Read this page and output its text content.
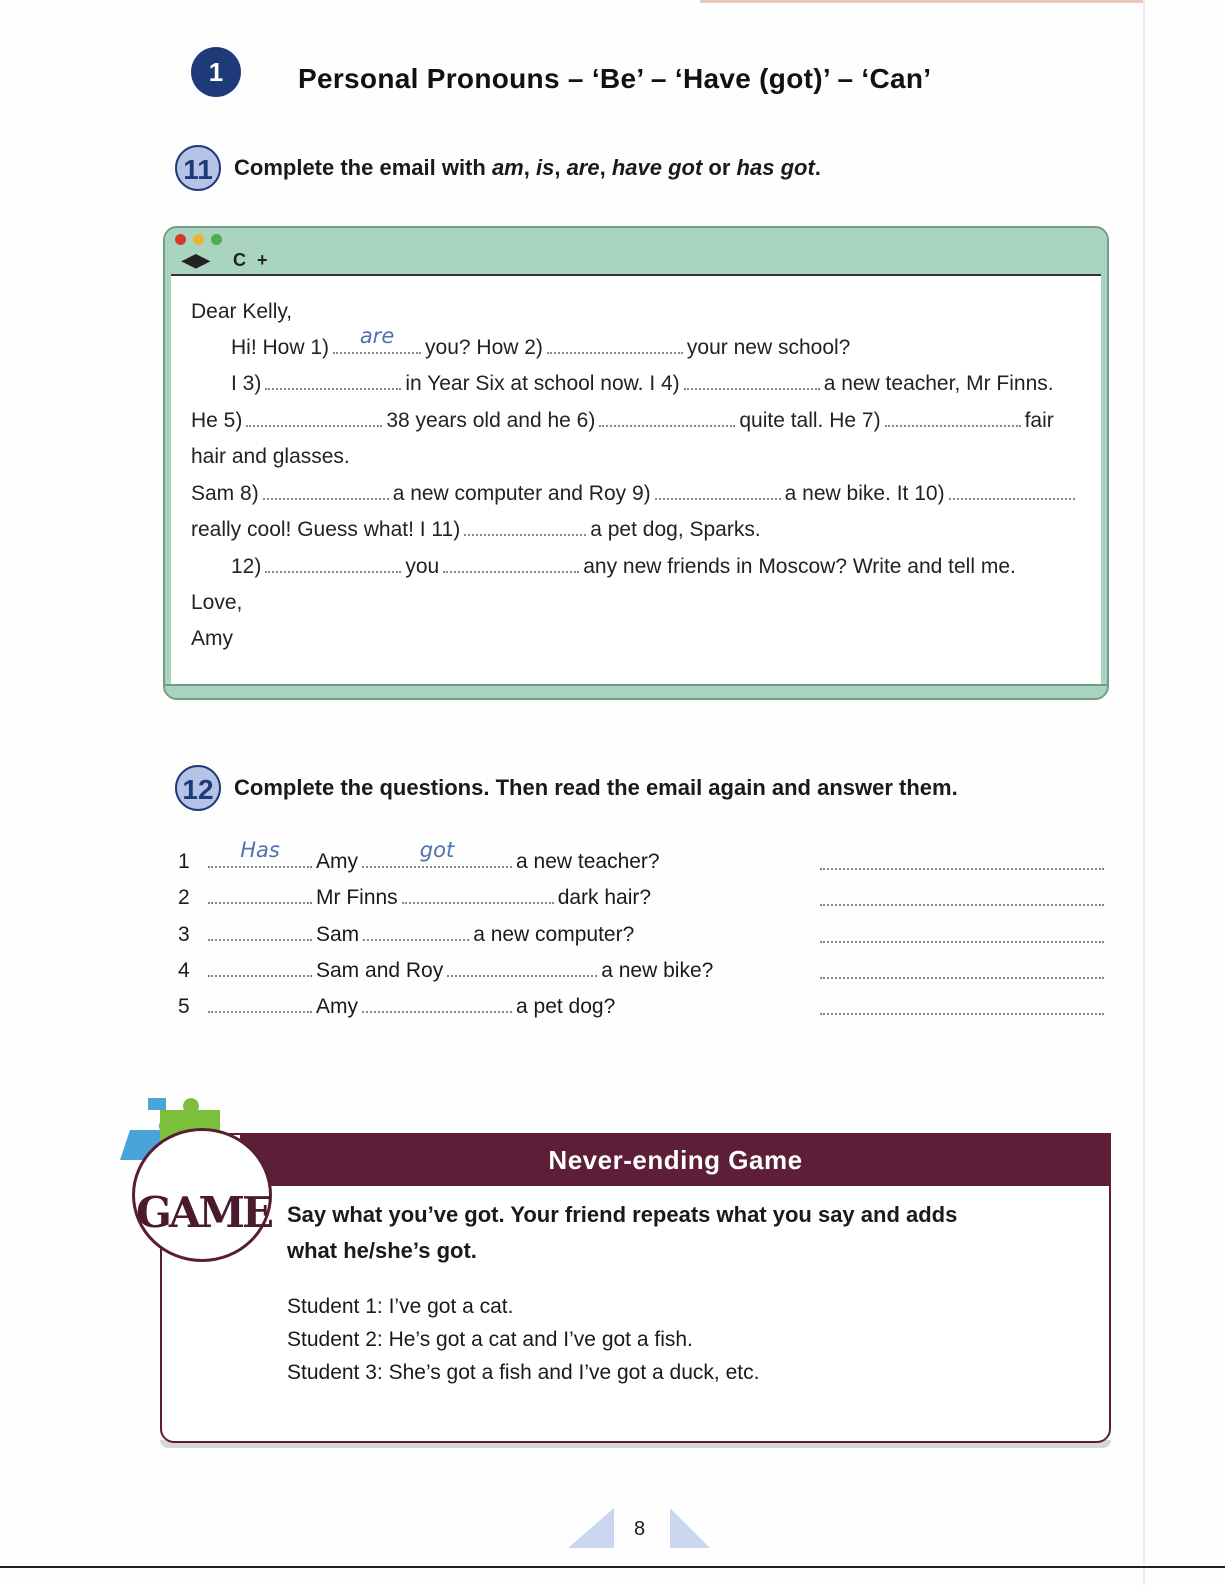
1	Personal Pronouns – ‘Be’ – ‘Have (got)’ – ‘Can’
11 Complete the email with am, is, are, have got or has got.
◀▶ C +
Dear Kelly,
Hi! How 1)	are	you? How 2)	your new school?
I 3)	in Year Six at school now. I 4)	a new teacher, Mr Finns.
He 5)	38 years old and he 6)	quite tall. He 7)	fair
hair and glasses.
Sam 8)	a new computer and Roy 9)	a new bike. It 10)
really cool! Guess what! I 11)	a pet dog, Sparks.
12)	you	any new friends in Moscow? Write and tell me.
Love,
Amy
12 Complete the questions. Then read the email again and answer them.
1	Has	Amy	got	a new teacher?
2	Mr Finns	dark hair?
3	Sam	a new computer?
4	Sam and Roy	a new bike?
5	Amy	a pet dog?
Never-ending Game
GAME Say what you’ve got. Your friend repeats what you say and adds
what he/she’s got.
Student 1: I’ve got a cat.
Student 2: He’s got a cat and I’ve got a fish.
Student 3: She’s got a fish and I’ve got a duck, etc.
8
